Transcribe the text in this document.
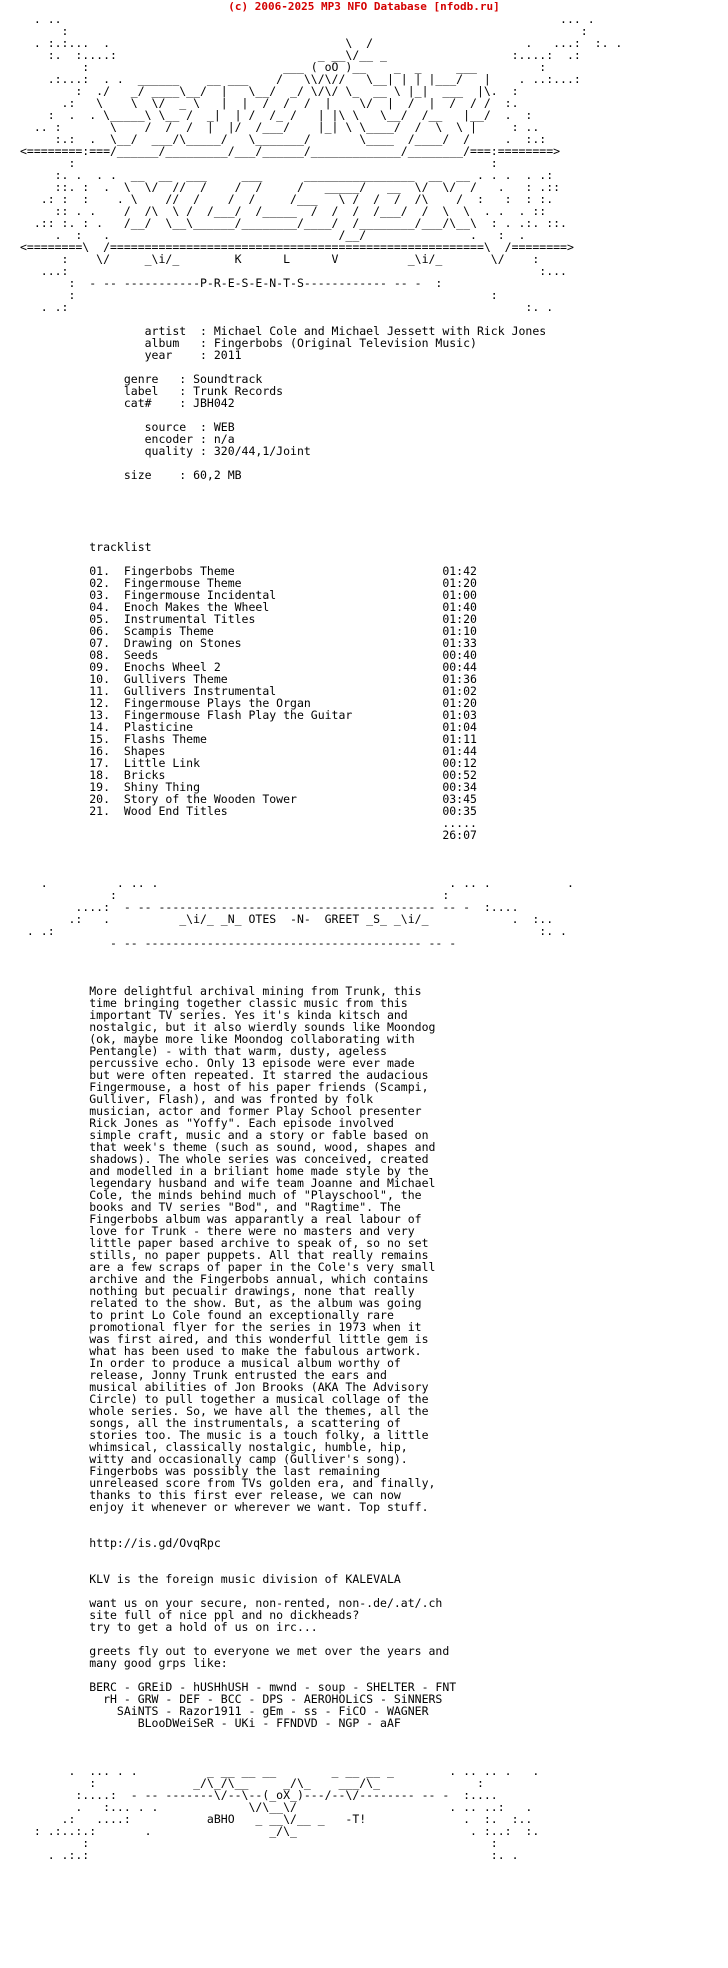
(c) 2006-2025 MP3 NFO Database [nfodb.ru]
. ..                                                                        ... .
:                                                                          :
. :.:...  .                                  \  /                      .   ...:  :. .
:.  :....:                             _ __\/__ _                  :....:  .:
:                            ___ ( oO )__    _  _     ___         :
.:...:  . .  ______    __ ___    /   \\/\//   \__| | | |___/   |    . ..:...:
:  ./   _/ ____\__/  |   \__/  _/ \/\/ \_  __ \ |_|  ___  |\.  :
.:   \    \  \/  _ \   |  |  /  /  /  |    \/  |  /  |  /  / /  :.
:  .  . \_____\ \__ /  _|  | /  /_ /   | |\ \   \__/  /__   |__/  .  :
.. :       \    /  /  /  |  |/  /___/    |_| \ \____/  /  \  \ |     : ..
:.:  .  \__/  ___/\_____/   \_______/       \____  /____/  /     .  :.:
<========:===/______/_________/___/______/_____________/________/===:========>
:                                                            :
:. .  . .  __  __  ___     ___      ________________  __  __ . . .  . .:
::. :  .  \  \/  //  /    /  /     /   _____/   __  \/  \/  /   .   : .::
.: :  :    . \    //  /    /  /     /___   \ /  /  /  /\    /  :   :  : :.
:: . .    /  /\  \ /  /___/  /_____  /  /  /  /___/  /  \  \  . .  . ::
.:: :. : .   /__/  \__\______/________/____/  /________/___/\__\  : . .:. ::.
.  :   .                                 /__/               .   :  .
<========\  /======================================================\  /========>
:    \/     _\i/_        K      L      V          _\i/_       \/    :
...:                                                                    :...
:  - -- -----------P-R-E-S-E-N-T-S------------ -- -  :
:                                                            :
. .:                                                                  :. .
artist  : Michael Cole and Michael Jessett with Rick Jones
album   : Fingerbobs (Original Television Music)
year    : 2011
genre   : Soundtrack
label   : Trunk Records
cat#    : JBH042
source  : WEB
encoder : n/a
quality : 320/44,1/Joint
size    : 60,2 MB
tracklist
01.  Fingerbobs Theme                              01:42
02.  Fingermouse Theme                             01:20
03.  Fingermouse Incidental                        01:00
04.  Enoch Makes the Wheel                         01:40
05.  Instrumental Titles                           01:20
06.  Scampis Theme                                 01:10
07.  Drawing on Stones                             01:33
08.  Seeds                                         00:40
09.  Enochs Wheel 2                                00:44
10.  Gullivers Theme                               01:36
11.  Gullivers Instrumental                        01:02
12.  Fingermouse Plays the Organ                   01:20
13.  Fingermouse Flash Play the Guitar             01:03
14.  Plasticine                                    01:04
15.  Flashs Theme                                  01:11
16.  Shapes                                        01:44
17.  Little Link                                   00:12
18.  Bricks                                        00:52
19.  Shiny Thing                                   00:34
20.  Story of the Wooden Tower                     03:45
21.  Wood End Titles                               00:35
.....
26:07
.          . .. .                                          . .. .           .
:                                               :
....:  - -- ---------------------------------------- -- -  :....
.:   .          _\i/_ _N_ OTES  -N-  GREET _S_ _\i/_            .  :..
. .:                                                                      :. .
- -- ---------------------------------------- -- -
More delightful archival mining from Trunk, this
time bringing together classic music from this
important TV series. Yes it's kinda kitsch and
nostalgic, but it also wierdly sounds like Moondog
(ok, maybe more like Moondog collaborating with
Pentangle) - with that warm, dusty, ageless
percussive echo. Only 13 episode were ever made
but were often repeated. It starred the audacious
Fingermouse, a host of his paper friends (Scampi,
Gulliver, Flash), and was fronted by folk
musician, actor and former Play School presenter
Rick Jones as "Yoffy". Each episode involved
simple craft, music and a story or fable based on
that week's theme (such as sound, wood, shapes and
shadows). The whole series was conceived, created
and modelled in a briliant home made style by the
legendary husband and wife team Joanne and Michael
Cole, the minds behind much of "Playschool", the
books and TV series "Bod", and "Ragtime". The
Fingerbobs album was apparantly a real labour of
love for Trunk - there were no masters and very
little paper based archive to speak of, so no set
stills, no paper puppets. All that really remains
are a few scraps of paper in the Cole's very small
archive and the Fingerbobs annual, which contains
nothing but pecualir drawings, none that really
related to the show. But, as the album was going
to print Lo Cole found an exceptionally rare
promotional flyer for the series in 1973 when it
was first aired, and this wonderful little gem is
what has been used to make the fabulous artwork.
In order to produce a musical album worthy of
release, Jonny Trunk entrusted the ears and
musical abilities of Jon Brooks (AKA The Advisory
Circle) to pull together a musical collage of the
whole series. So, we have all the themes, all the
songs, all the instrumentals, a scattering of
stories too. The music is a touch folky, a little
whimsical, classically nostalgic, humble, hip,
witty and occasionally camp (Gulliver's song).
Fingerbobs was possibly the last remaining
unreleased score from TVs golden era, and finally,
thanks to this first ever release, we can now
enjoy it whenever or wherever we want. Top stuff.
http://is.gd/OvqRpc
KLV is the foreign music division of KALEVALA
want us on your secure, non-rented, non-.de/.at/.ch
site full of nice ppl and no dickheads?
try to get a hold of us on irc...
greets fly out to everyone we met over the years and
many good grps like:
BERC - GREiD - hUSHhUSH - mwnd - soup - SHELTER - FNT
rH - GRW - DEF - BCC - DPS - AEROHOLiCS - SiNNERS
SAiNTS - Razor1911 - gEm - ss - FiCO - WAGNER
BLooDWeiSeR - UKi - FFNDVD - NGP - aAF
.  ... . .          _ __ __ __        _ __ __ _        . .. .. .   .
:              _/\_/\__     _/\_    ___/\_              :
:....:  - -- -------\/--\--(_oX_)---/--\/-------- -- -  :....
.   :... . .             \/\__\/                      . .. ..:   .
.:   ....:           aBHO   _ __\/__ _   -T!              .  :.  :..
: .:..:.:       .                 _/\_                         . :..:  :.
:                                                          :
. .:.:                                                          :. .
